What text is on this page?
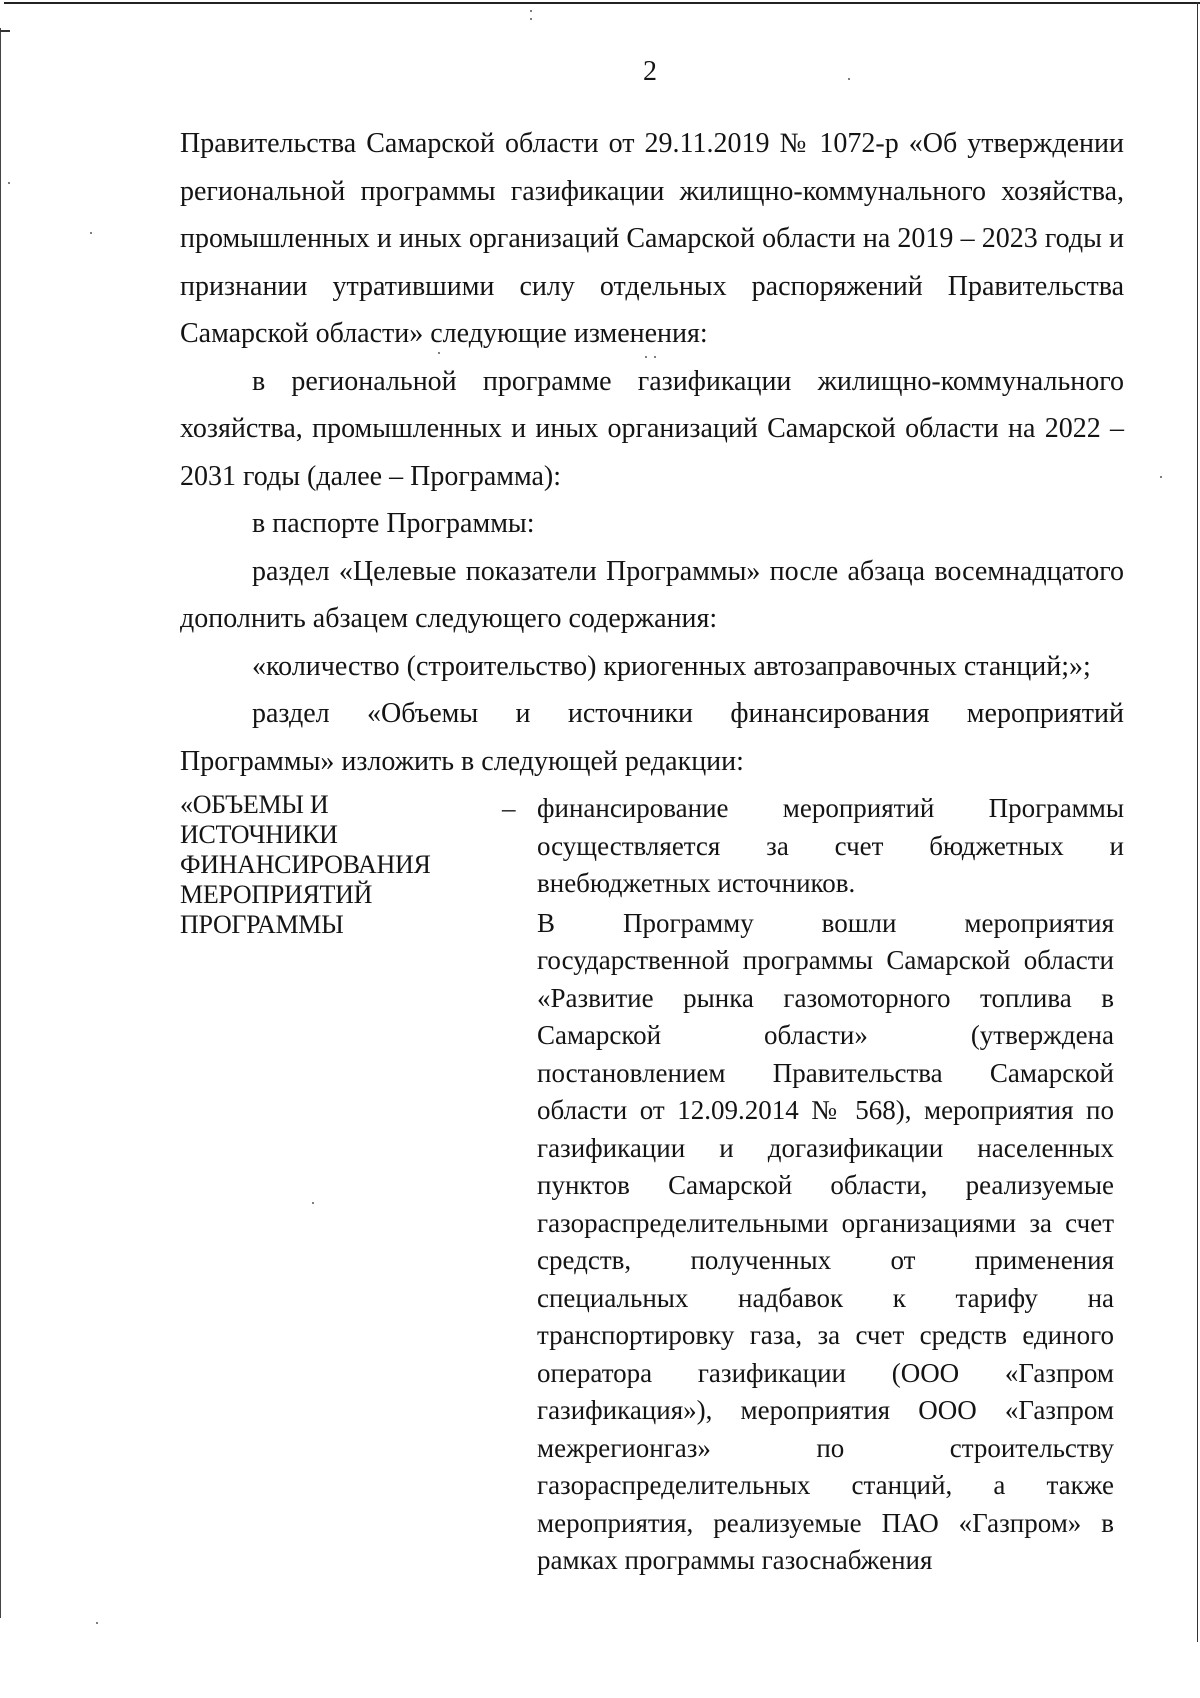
2

Правительства Самарской области от 29.11.2019 № 1072-р «Об утверждении региональной программы газификации жилищно-коммунального хозяйства, промышленных и иных организаций Самарской области на 2019 – 2023 годы и признании утратившими силу отдельных распоряжений Правительства Самарской области» следующие изменения:

в региональной программе газификации жилищно-коммунального хозяйства, промышленных и иных организаций Самарской области на 2022 – 2031 годы (далее – Программа):

в паспорте Программы:

раздел «Целевые показатели Программы» после абзаца восемнадцатого дополнить абзацем следующего содержания:

«количество (строительство) криогенных автозаправочных станций;»;

раздел «Объемы и источники финансирования мероприятий Программы» изложить в следующей редакции:

«ОБЪЕМЫ И ИСТОЧНИКИ ФИНАНСИРОВАНИЯ МЕРОПРИЯТИЙ ПРОГРАММЫ
– финансирование мероприятий Программы осуществляется за счет бюджетных и внебюджетных источников.

В Программу вошли мероприятия государственной программы Самарской области «Развитие рынка газомоторного топлива в Самарской области» (утверждена постановлением Правительства Самарской области от 12.09.2014 № 568), мероприятия по газификации и догазификации населенных пунктов Самарской области, реализуемые газораспределительными организациями за счет средств, полученных от применения специальных надбавок к тарифу на транспортировку газа, за счет средств единого оператора газификации (ООО «Газпром газификация»), мероприятия ООО «Газпром межрегионгаз» по строительству газораспределительных станций, а также мероприятия, реализуемые ПАО «Газпром» в рамках программы газоснабжения
